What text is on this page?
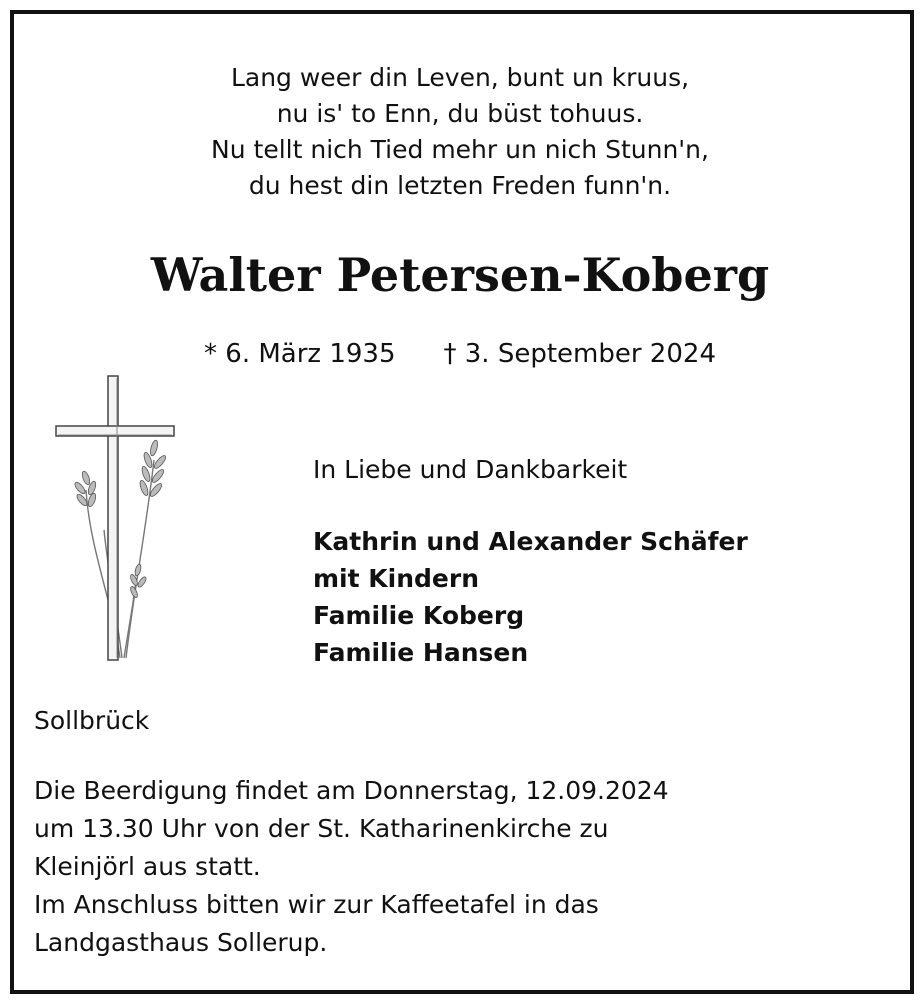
Lang weer din Leven, bunt un kruus,
nu is' to Enn, du büst tohuus.
Nu tellt nich Tied mehr un nich Stunn'n,
du hest din letzten Freden funn'n.
Walter Petersen-Koberg
* 6. März 1935 † 3. September 2024
In Liebe und Dankbarkeit
Kathrin und Alexander Schäfer
mit Kindern
Familie Koberg
Familie Hansen
Sollbrück
Die Beerdigung findet am Donnerstag, 12.09.2024
um 13.30 Uhr von der St. Katharinenkirche zu
Kleinjörl aus statt.
Im Anschluss bitten wir zur Kaffeetafel in das
Landgasthaus Sollerup.
